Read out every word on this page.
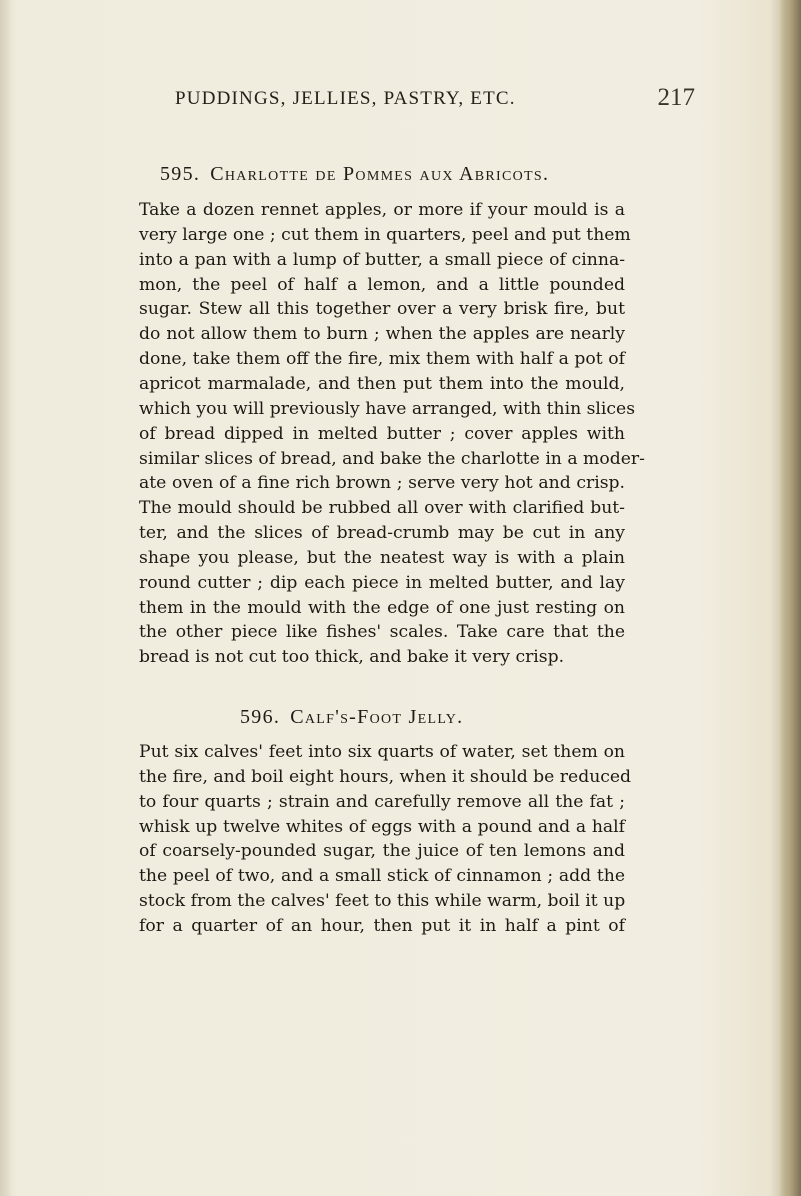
PUDDINGS, JELLIES, PASTRY, ETC.	217
595. Charlotte de Pommes aux Abricots.
Take a dozen rennet apples, or more if your mould is a
very large one ; cut them in quarters, peel and put them
into a pan with a lump of butter, a small piece of cinna-
mon, the peel of half a lemon, and a little pounded
sugar. Stew all this together over a very brisk fire, but
do not allow them to burn ; when the apples are nearly
done, take them off the fire, mix them with half a pot of
apricot marmalade, and then put them into the mould,
which you will previously have arranged, with thin slices
of bread dipped in melted butter ; cover apples with
similar slices of bread, and bake the charlotte in a moder-
ate oven of a fine rich brown ; serve very hot and crisp.
The mould should be rubbed all over with clarified but-
ter, and the slices of bread-crumb may be cut in any
shape you please, but the neatest way is with a plain
round cutter ; dip each piece in melted butter, and lay
them in the mould with the edge of one just resting on
the other piece like fishes' scales. Take care that the
bread is not cut too thick, and bake it very crisp.
596. Calf's-Foot Jelly.
Put six calves' feet into six quarts of water, set them on
the fire, and boil eight hours, when it should be reduced
to four quarts ; strain and carefully remove all the fat ;
whisk up twelve whites of eggs with a pound and a half
of coarsely-pounded sugar, the juice of ten lemons and
the peel of two, and a small stick of cinnamon ; add the
stock from the calves' feet to this while warm, boil it up
for a quarter of an hour, then put it in half a pint of
